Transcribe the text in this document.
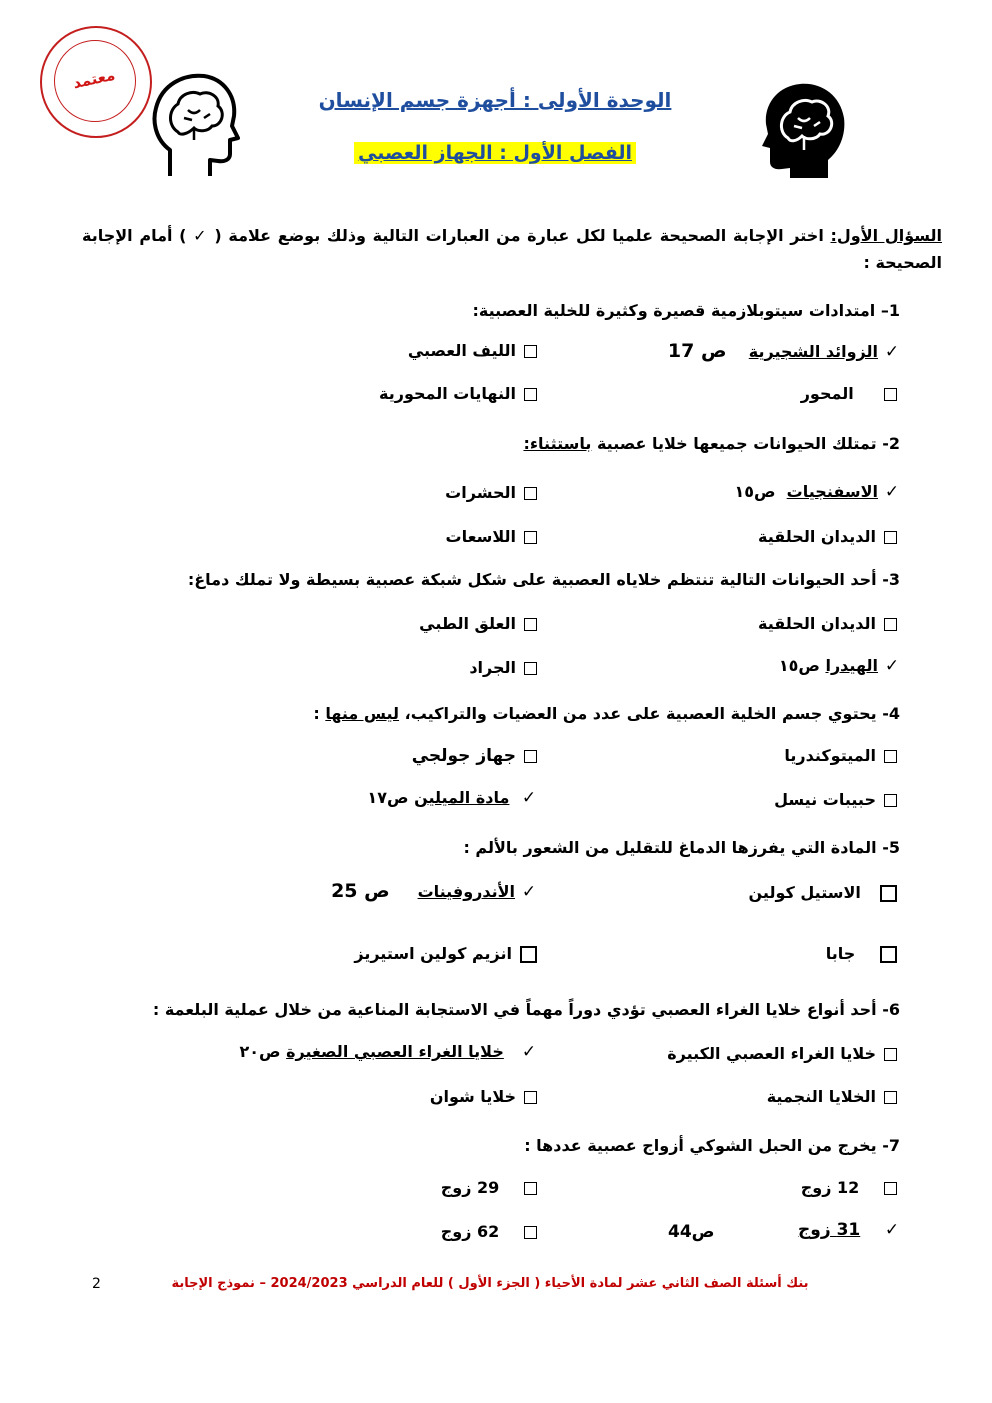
معتمد
الوحدة الأولى : أجهزة جسم الإنسان
الفصل الأول : الجهاز العصبي
السؤال الأول: اختر الإجابة الصحيحة علميا لكل عبارة من العبارات التالية وذلك بوضع علامة ( ✓ ) أمام الإجابة الصحيحة :
1– امتدادات سيتوبلازمية قصيرة وكثيرة للخلية العصبية:
✓الزوائد الشجيرية    ص 17
الليف العصبي
المحور
النهايات المحورية
2- تمتلك الحيوانات جميعها خلايا عصبية باستثناء:
✓الاسفنجيات  ص١٥
الحشرات
الديدان الحلقية
اللاسعات
3- أحد الحيوانات التالية تنتظم خلاياه العصبية على شكل شبكة عصبية بسيطة ولا تملك دماغ:
الديدان الحلقية
العلق الطبي
✓الهيدرا ص١٥
الجراد
4- يحتوي جسم الخلية العصبية على عدد من العضيات والتراكيب، ليس منها :
الميتوكندريا
جهاز جولجي
حبيبات نيسل
✓ مادة الميلين ص١٧
5- المادة التي يفرزها الدماغ للتقليل من الشعور بالألم :
الاستيل كولين
✓الأندروفينات     ص 25
جابا
انزيم كولين استيريز
6- أحد أنواع خلايا الغراء العصبي تؤدي دوراً مهماً في الاستجابة المناعية من خلال عملية البلعمة :
خلايا الغراء العصبي الكبيرة
✓  خلايا الغراء العصبي الصغيرة ص٢٠
الخلايا النجمية
خلايا شوان
7- يخرج من الحبل الشوكي أزواج عصبية عددها :
12 زوج
29 زوج
✓   31 زوج
ص44
62 زوج
2	بنك أسئلة الصف الثاني عشر لمادة الأحياء ( الجزء الأول ) للعام الدراسي 2024/2023 – نموذج الإجابة
